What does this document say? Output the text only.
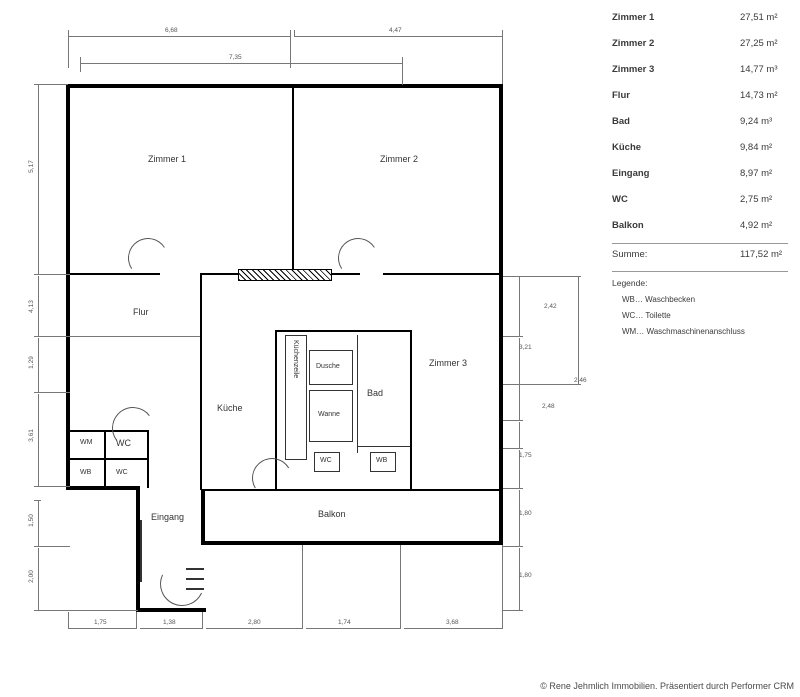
Zimmer 1	27,51 m²
Zimmer 2	27,25 m²
Zimmer 3	14,77 m³
Flur	14,73 m²
Bad	9,24 m³
Küche	9,84 m²
Eingang	8,97 m²
WC	2,75 m²
Balkon	4,92 m²
Summe:	117,52 m²
Legende:
WB… Waschbecken
WC… Toilette
WM… Waschmaschinenanschluss
Zimmer 1	Zimmer 2
Zimmer 3
Flur
Küche
Bad
Eingang	Balkon
Dusche
Wanne
Küchenzeile
WC	WB
WM	WC
WB	WC
6,68	4,47
7,35
5,17
4,13
1,29
3,61
1,50
2,00
2,42
3,21
2,48
1,75
1,80
2,46
1,80
1,75	1,38	2,80	1,74	3,68
© Rene Jehmlich Immobilien. Präsentiert durch Performer CRM
